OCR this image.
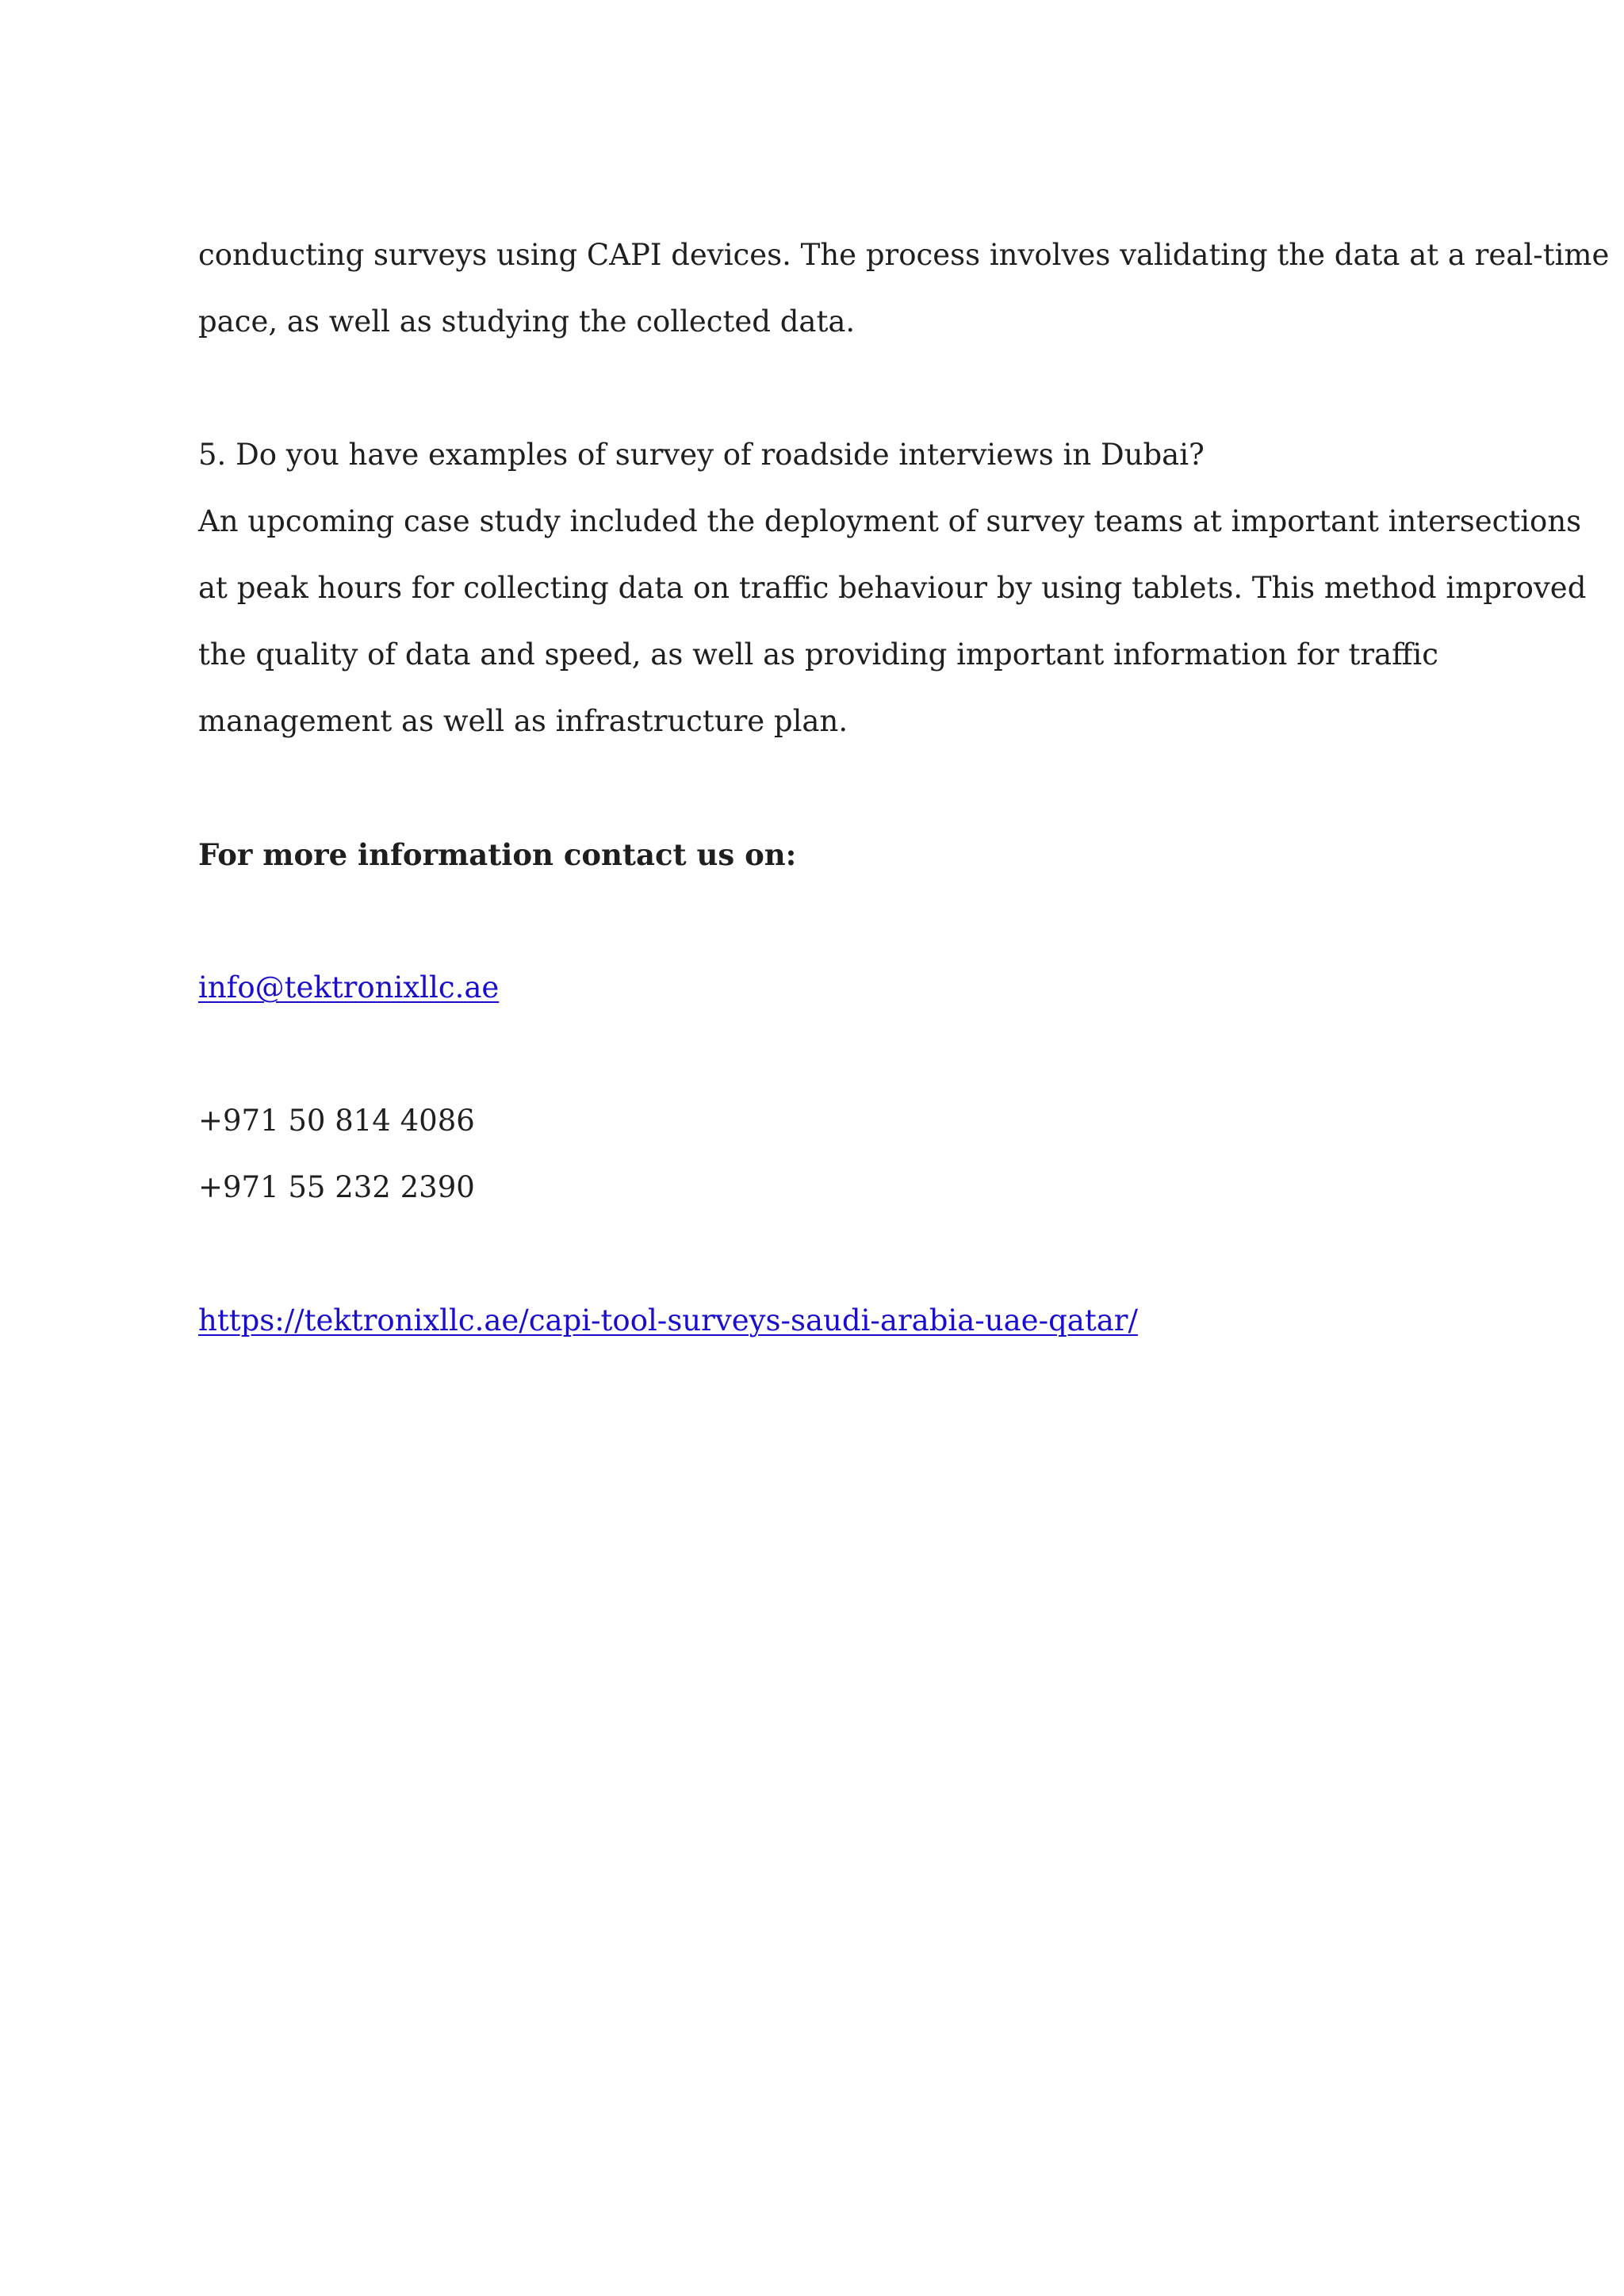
conducting surveys using CAPI devices. The process involves validating the data at a real-time

pace, as well as studying the collected data.

5. Do you have examples of survey of roadside interviews in Dubai?

An upcoming case study included the deployment of survey teams at important intersections

at peak hours for collecting data on traffic behaviour by using tablets. This method improved

the quality of data and speed, as well as providing important information for traffic

management as well as infrastructure plan.

For more information contact us on:

info@tektronixllc.ae

+971 50 814 4086

+971 55 232 2390

https://tektronixllc.ae/capi-tool-surveys-saudi-arabia-uae-qatar/
